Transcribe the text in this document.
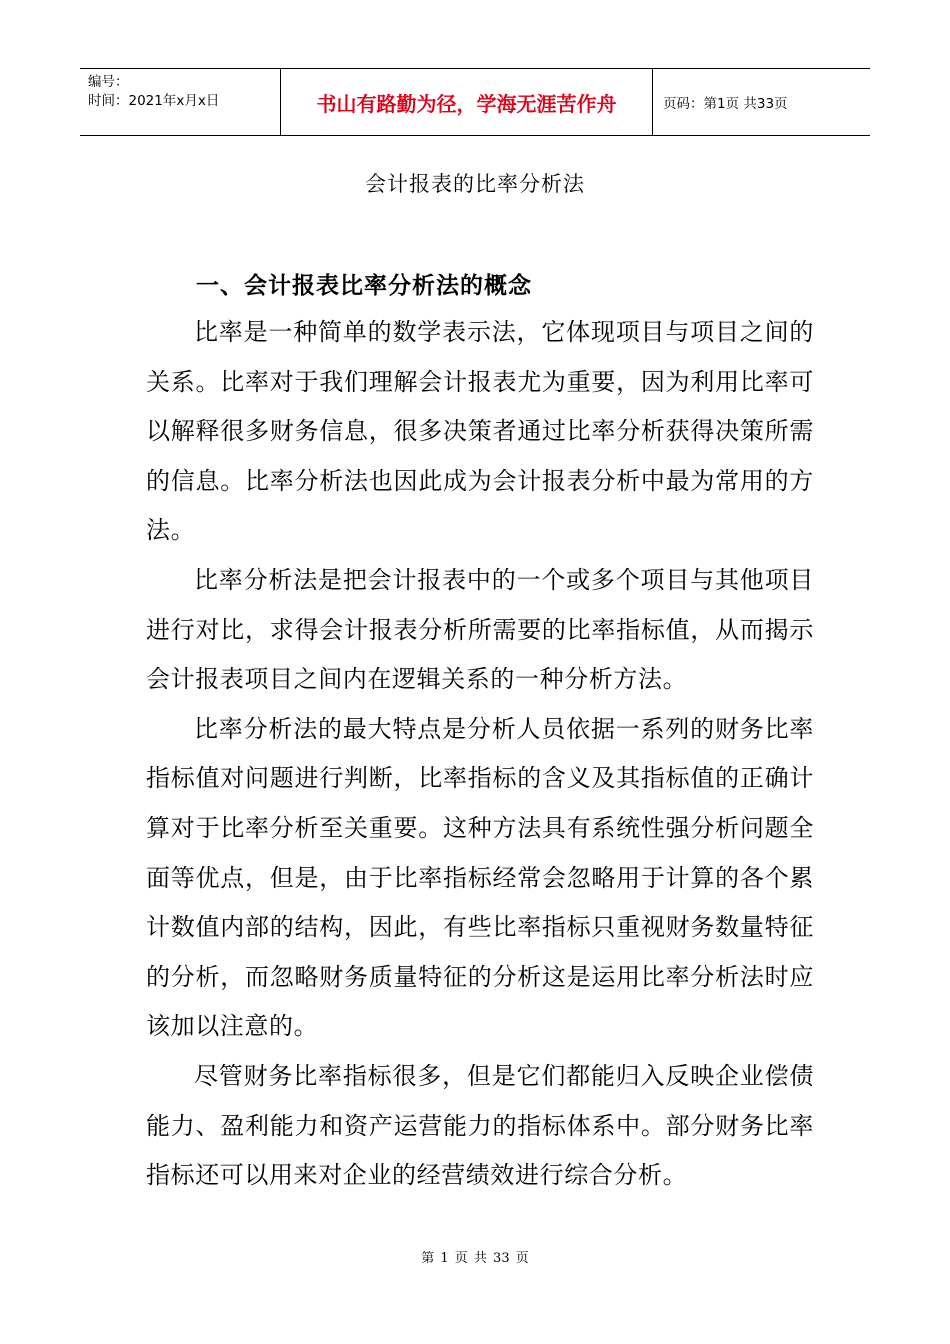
编号：
时间：2021年x月x日	书山有路勤为径，学海无涯苦作舟	页码：第1页 共33页
会计报表的比率分析法
一、会计报表比率分析法的概念

比率是一种简单的数学表示法，它体现项目与项目之间的关系。比率对于我们理解会计报表尤为重要，因为利用比率可以解释很多财务信息，很多决策者通过比率分析获得决策所需的信息。比率分析法也因此成为会计报表分析中最为常用的方法。

比率分析法是把会计报表中的一个或多个项目与其他项目进行对比，求得会计报表分析所需要的比率指标值，从而揭示会计报表项目之间内在逻辑关系的一种分析方法。

比率分析法的最大特点是分析人员依据一系列的财务比率指标值对问题进行判断，比率指标的含义及其指标值的正确计算对于比率分析至关重要。这种方法具有系统性强分析问题全面等优点，但是，由于比率指标经常会忽略用于计算的各个累计数值内部的结构，因此，有些比率指标只重视财务数量特征的分析，而忽略财务质量特征的分析这是运用比率分析法时应该加以注意的。

尽管财务比率指标很多，但是它们都能归入反映企业偿债能力、盈利能力和资产运营能力的指标体系中。部分财务比率指标还可以用来对企业的经营绩效进行综合分析。

第 1 页 共 33 页
